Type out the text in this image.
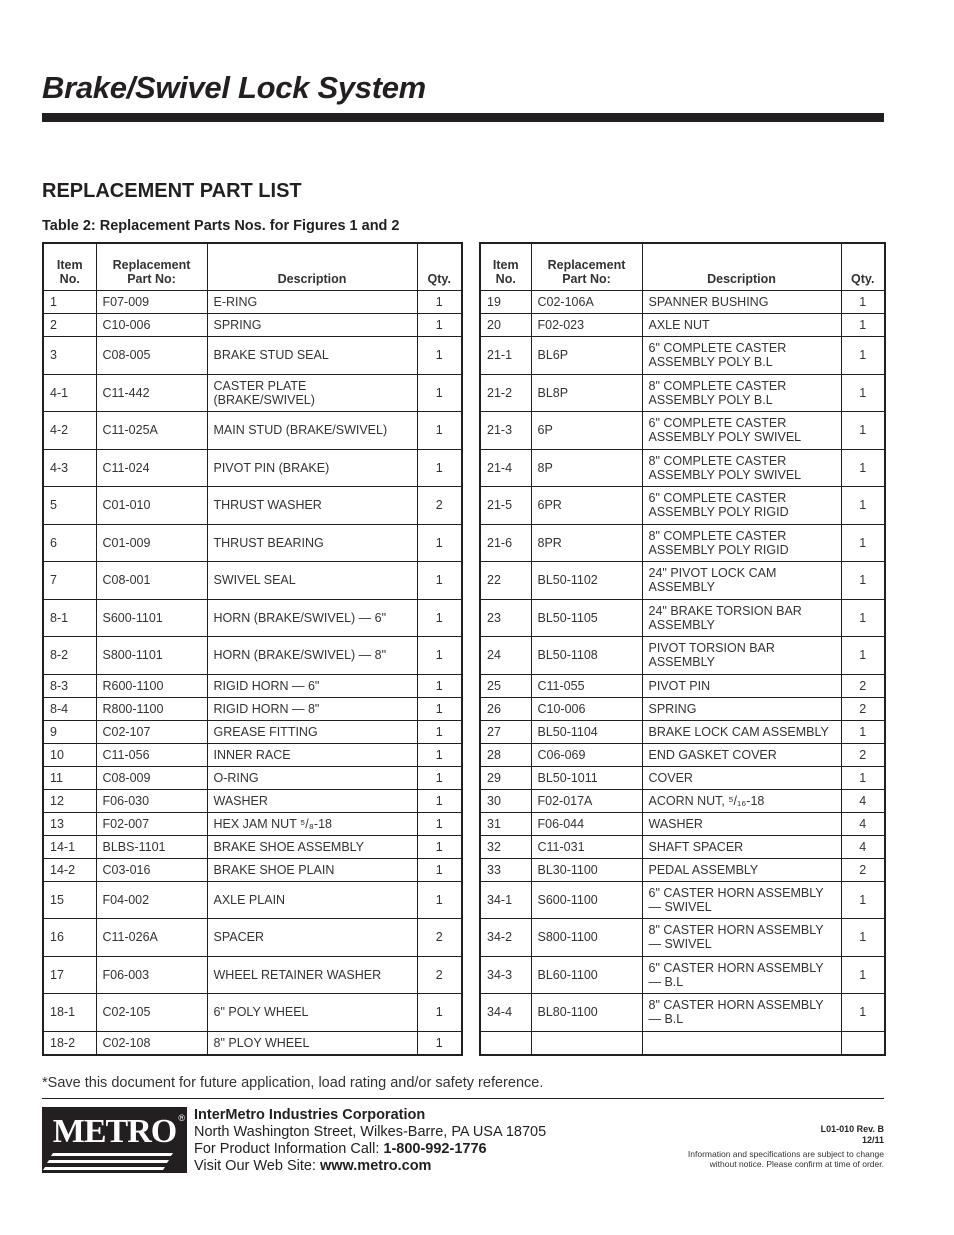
Brake/Swivel Lock System
REPLACEMENT PART LIST
Table 2: Replacement Parts Nos. for Figures 1 and 2
Item
No.	Replacement
Part No:	Description	Qty.
1	F07-009	E-RING	1
2	C10-006	SPRING	1
3	C08-005	BRAKE STUD SEAL	1
4-1	C11-442	CASTER PLATE (BRAKE/SWIVEL)	1
4-2	C11-025A	MAIN STUD (BRAKE/SWIVEL)	1
4-3	C11-024	PIVOT PIN (BRAKE)	1
5	C01-010	THRUST WASHER	2
6	C01-009	THRUST BEARING	1
7	C08-001	SWIVEL SEAL	1
8-1	S600-1101	HORN (BRAKE/SWIVEL) — 6"	1
8-2	S800-1101	HORN (BRAKE/SWIVEL) — 8"	1
8-3	R600-1100	RIGID HORN — 6"	1
8-4	R800-1100	RIGID HORN — 8"	1
9	C02-107	GREASE FITTING	1
10	C11-056	INNER RACE	1
11	C08-009	O-RING	1
12	F06-030	WASHER	1
13	F02-007	HEX JAM NUT ⁵/₈-18	1
14-1	BLBS-1101	BRAKE SHOE ASSEMBLY	1
14-2	C03-016	BRAKE SHOE PLAIN	1
15	F04-002	AXLE PLAIN	1
16	C11-026A	SPACER	2
17	F06-003	WHEEL RETAINER WASHER	2
18-1	C02-105	6" POLY WHEEL	1
18-2	C02-108	8" PLOY WHEEL	1
Item
No.	Replacement
Part No:	Description	Qty.
19	C02-106A	SPANNER BUSHING	1
20	F02-023	AXLE NUT	1
21-1	BL6P	6" COMPLETE CASTER
ASSEMBLY POLY B.L	1
21-2	BL8P	8" COMPLETE CASTER
ASSEMBLY POLY B.L	1
21-3	6P	6" COMPLETE CASTER
ASSEMBLY POLY SWIVEL	1
21-4	8P	8" COMPLETE CASTER
ASSEMBLY POLY SWIVEL	1
21-5	6PR	6" COMPLETE CASTER
ASSEMBLY POLY RIGID	1
21-6	8PR	8" COMPLETE CASTER
ASSEMBLY POLY RIGID	1
22	BL50-1102	24" PIVOT LOCK CAM
ASSEMBLY	1
23	BL50-1105	24" BRAKE TORSION BAR
ASSEMBLY	1
24	BL50-1108	PIVOT TORSION BAR
ASSEMBLY	1
25	C11-055	PIVOT PIN	2
26	C10-006	SPRING	2
27	BL50-1104	BRAKE LOCK CAM ASSEMBLY	1
28	C06-069	END GASKET COVER	2
29	BL50-1011	COVER	1
30	F02-017A	ACORN NUT, ⁵/₁₆-18	4
31	F06-044	WASHER	4
32	C11-031	SHAFT SPACER	4
33	BL30-1100	PEDAL ASSEMBLY	2
34-1	S600-1100	6" CASTER HORN ASSEMBLY
— SWIVEL	1
34-2	S800-1100	8" CASTER HORN ASSEMBLY
— SWIVEL	1
34-3	BL60-1100	6" CASTER HORN ASSEMBLY
— B.L	1
34-4	BL80-1100	8" CASTER HORN ASSEMBLY
— B.L	1

*Save this document for future application, load rating and/or safety reference.
METRO ® InterMetro Industries Corporation
North Washington Street, Wilkes-Barre, PA USA 18705
For Product Information Call: 1-800-992-1776
Visit Our Web Site: www.metro.com
L01-010 Rev. B
12/11
Information and specifications are subject to change
without notice. Please confirm at time of order.
